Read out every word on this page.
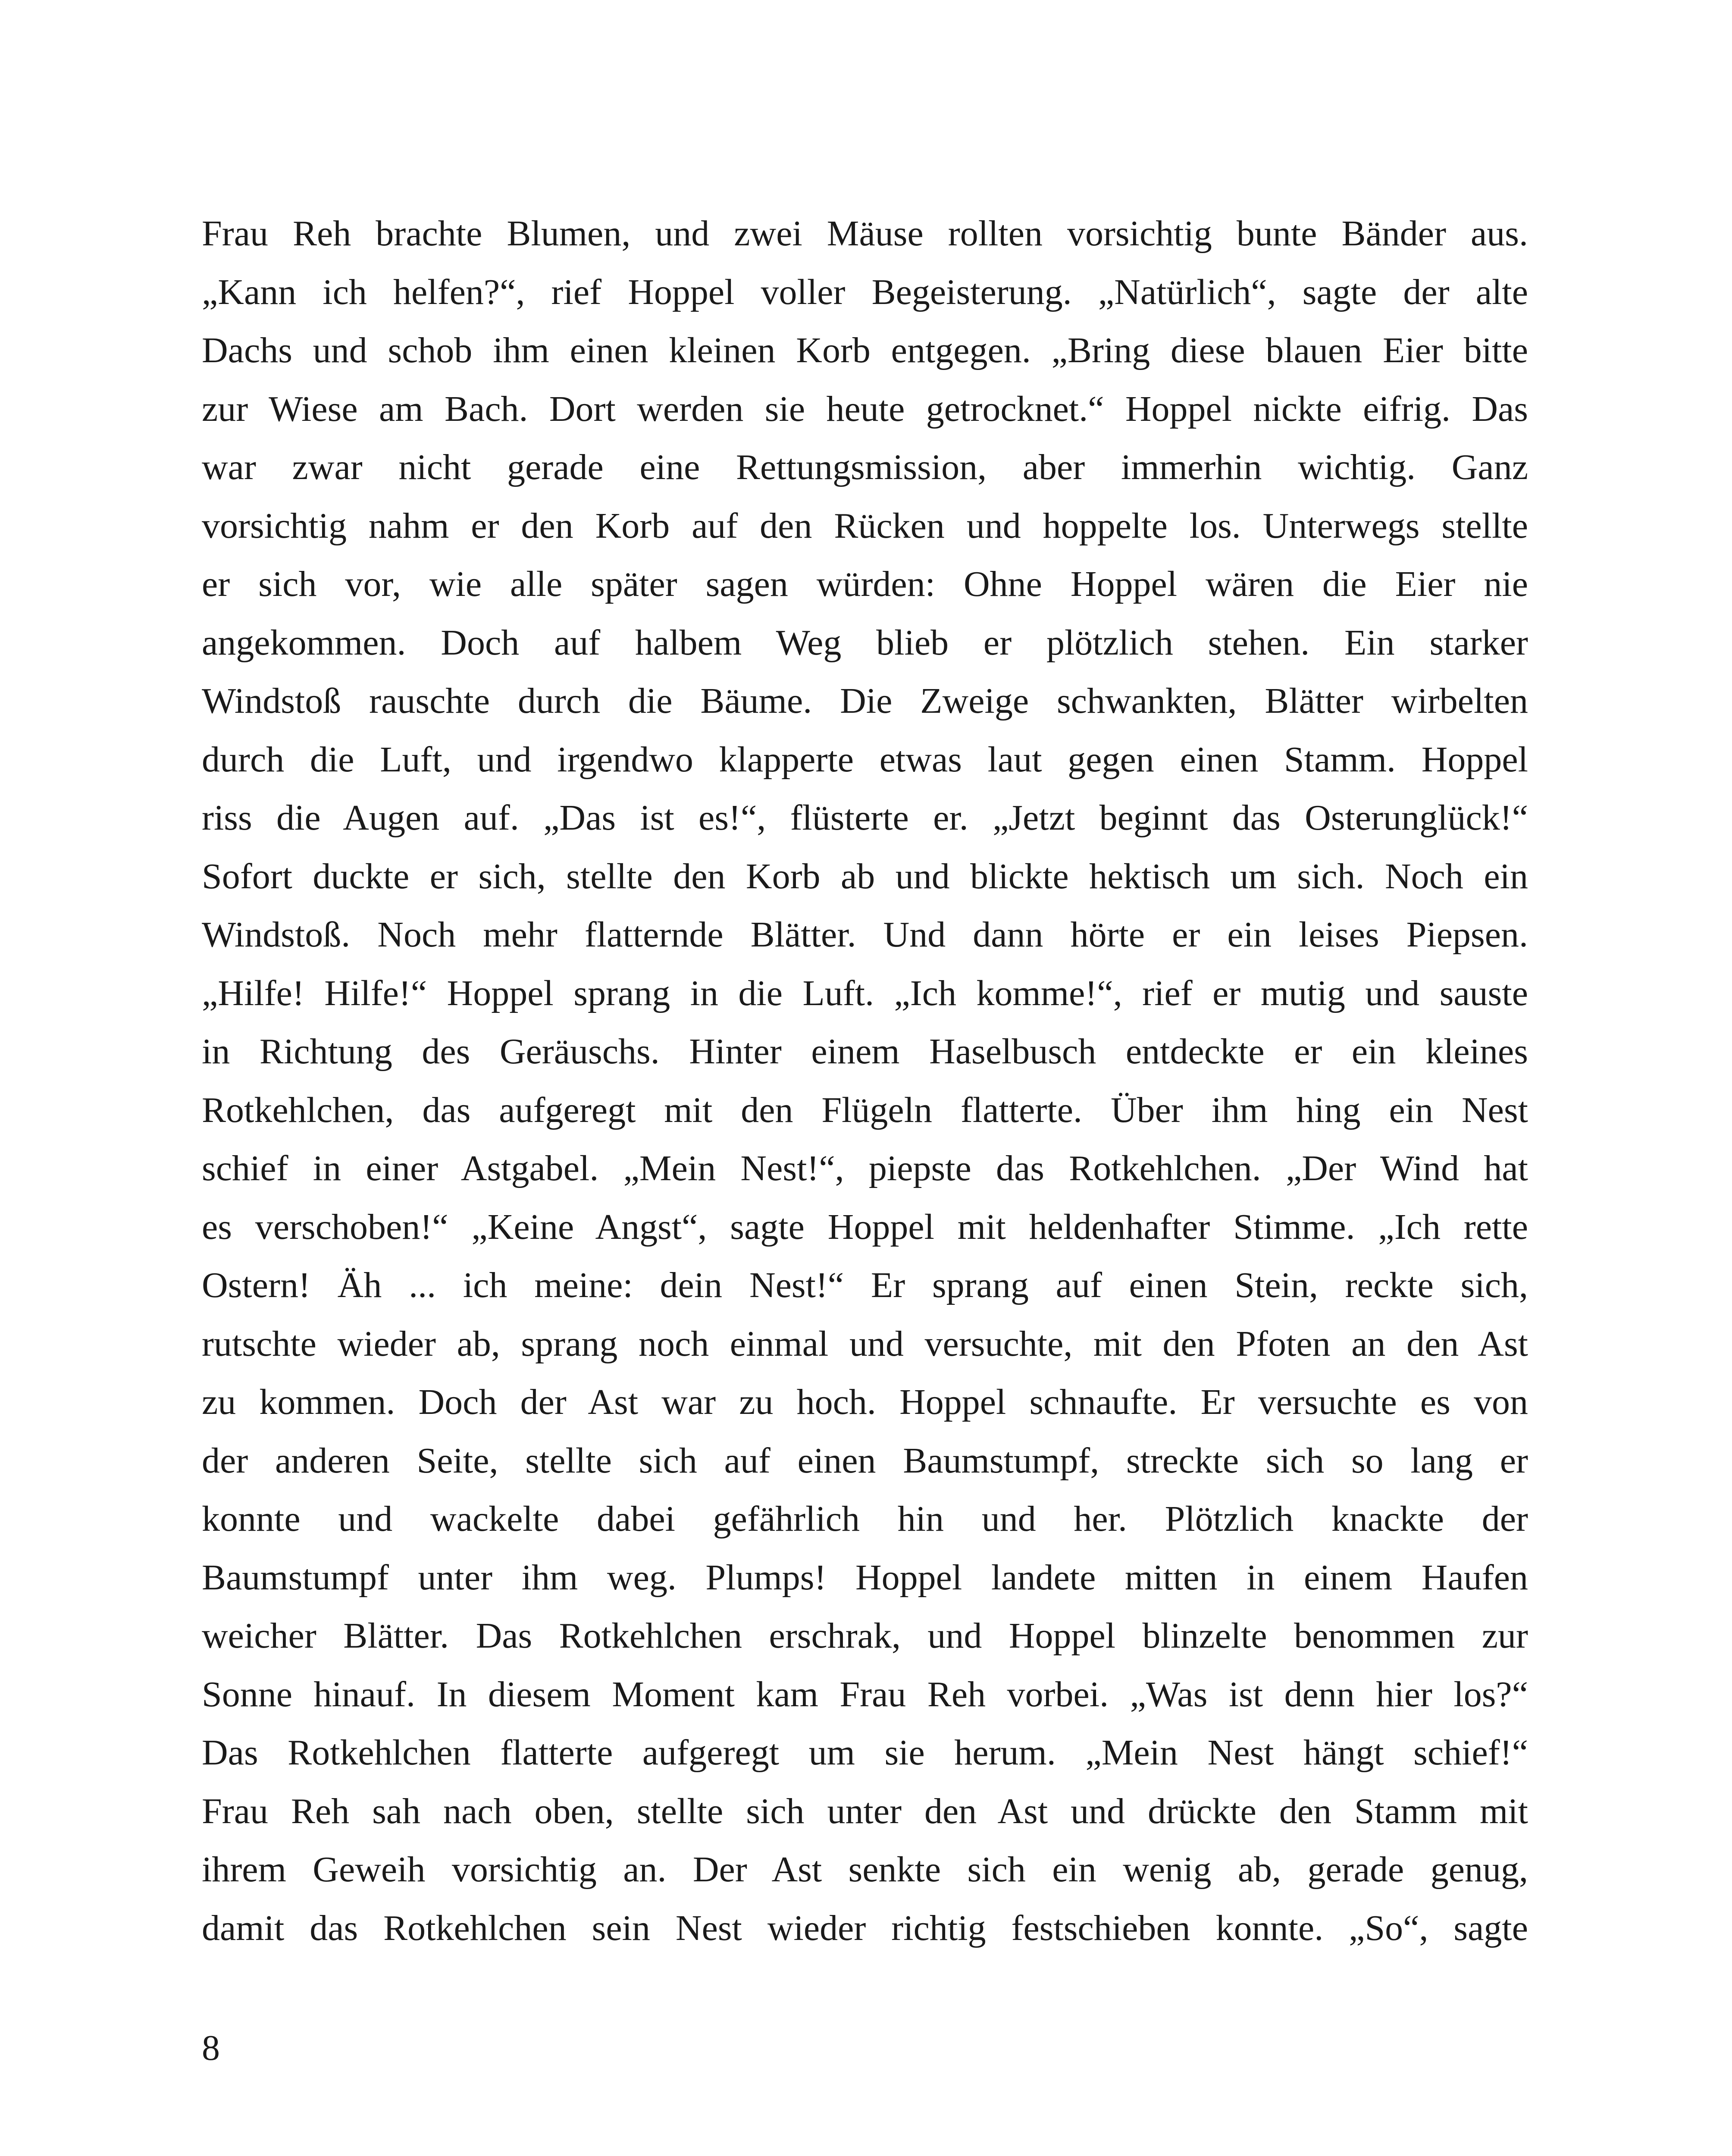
Frau Reh brachte Blumen, und zwei Mäuse rollten vorsichtig bunte Bänder aus.
„Kann ich helfen?“, rief Hoppel voller Begeisterung. „Natürlich“, sagte der alte
Dachs und schob ihm einen kleinen Korb entgegen. „Bring diese blauen Eier bitte
zur Wiese am Bach. Dort werden sie heute getrocknet.“ Hoppel nickte eifrig. Das
war zwar nicht gerade eine Rettungsmission, aber immerhin wichtig. Ganz
vorsichtig nahm er den Korb auf den Rücken und hoppelte los. Unterwegs stellte
er sich vor, wie alle später sagen würden: Ohne Hoppel wären die Eier nie
angekommen. Doch auf halbem Weg blieb er plötzlich stehen. Ein starker
Windstoß rauschte durch die Bäume. Die Zweige schwankten, Blätter wirbelten
durch die Luft, und irgendwo klapperte etwas laut gegen einen Stamm. Hoppel
riss die Augen auf. „Das ist es!“, flüsterte er. „Jetzt beginnt das Osterunglück!“
Sofort duckte er sich, stellte den Korb ab und blickte hektisch um sich. Noch ein
Windstoß. Noch mehr flatternde Blätter. Und dann hörte er ein leises Piepsen.
„Hilfe! Hilfe!“ Hoppel sprang in die Luft. „Ich komme!“, rief er mutig und sauste
in Richtung des Geräuschs. Hinter einem Haselbusch entdeckte er ein kleines
Rotkehlchen, das aufgeregt mit den Flügeln flatterte. Über ihm hing ein Nest
schief in einer Astgabel. „Mein Nest!“, piepste das Rotkehlchen. „Der Wind hat
es verschoben!“ „Keine Angst“, sagte Hoppel mit heldenhafter Stimme. „Ich rette
Ostern! Äh ... ich meine: dein Nest!“ Er sprang auf einen Stein, reckte sich,
rutschte wieder ab, sprang noch einmal und versuchte, mit den Pfoten an den Ast
zu kommen. Doch der Ast war zu hoch. Hoppel schnaufte. Er versuchte es von
der anderen Seite, stellte sich auf einen Baumstumpf, streckte sich so lang er
konnte und wackelte dabei gefährlich hin und her. Plötzlich knackte der
Baumstumpf unter ihm weg. Plumps! Hoppel landete mitten in einem Haufen
weicher Blätter. Das Rotkehlchen erschrak, und Hoppel blinzelte benommen zur
Sonne hinauf. In diesem Moment kam Frau Reh vorbei. „Was ist denn hier los?“
Das Rotkehlchen flatterte aufgeregt um sie herum. „Mein Nest hängt schief!“
Frau Reh sah nach oben, stellte sich unter den Ast und drückte den Stamm mit
ihrem Geweih vorsichtig an. Der Ast senkte sich ein wenig ab, gerade genug,
damit das Rotkehlchen sein Nest wieder richtig festschieben konnte. „So“, sagte
8
